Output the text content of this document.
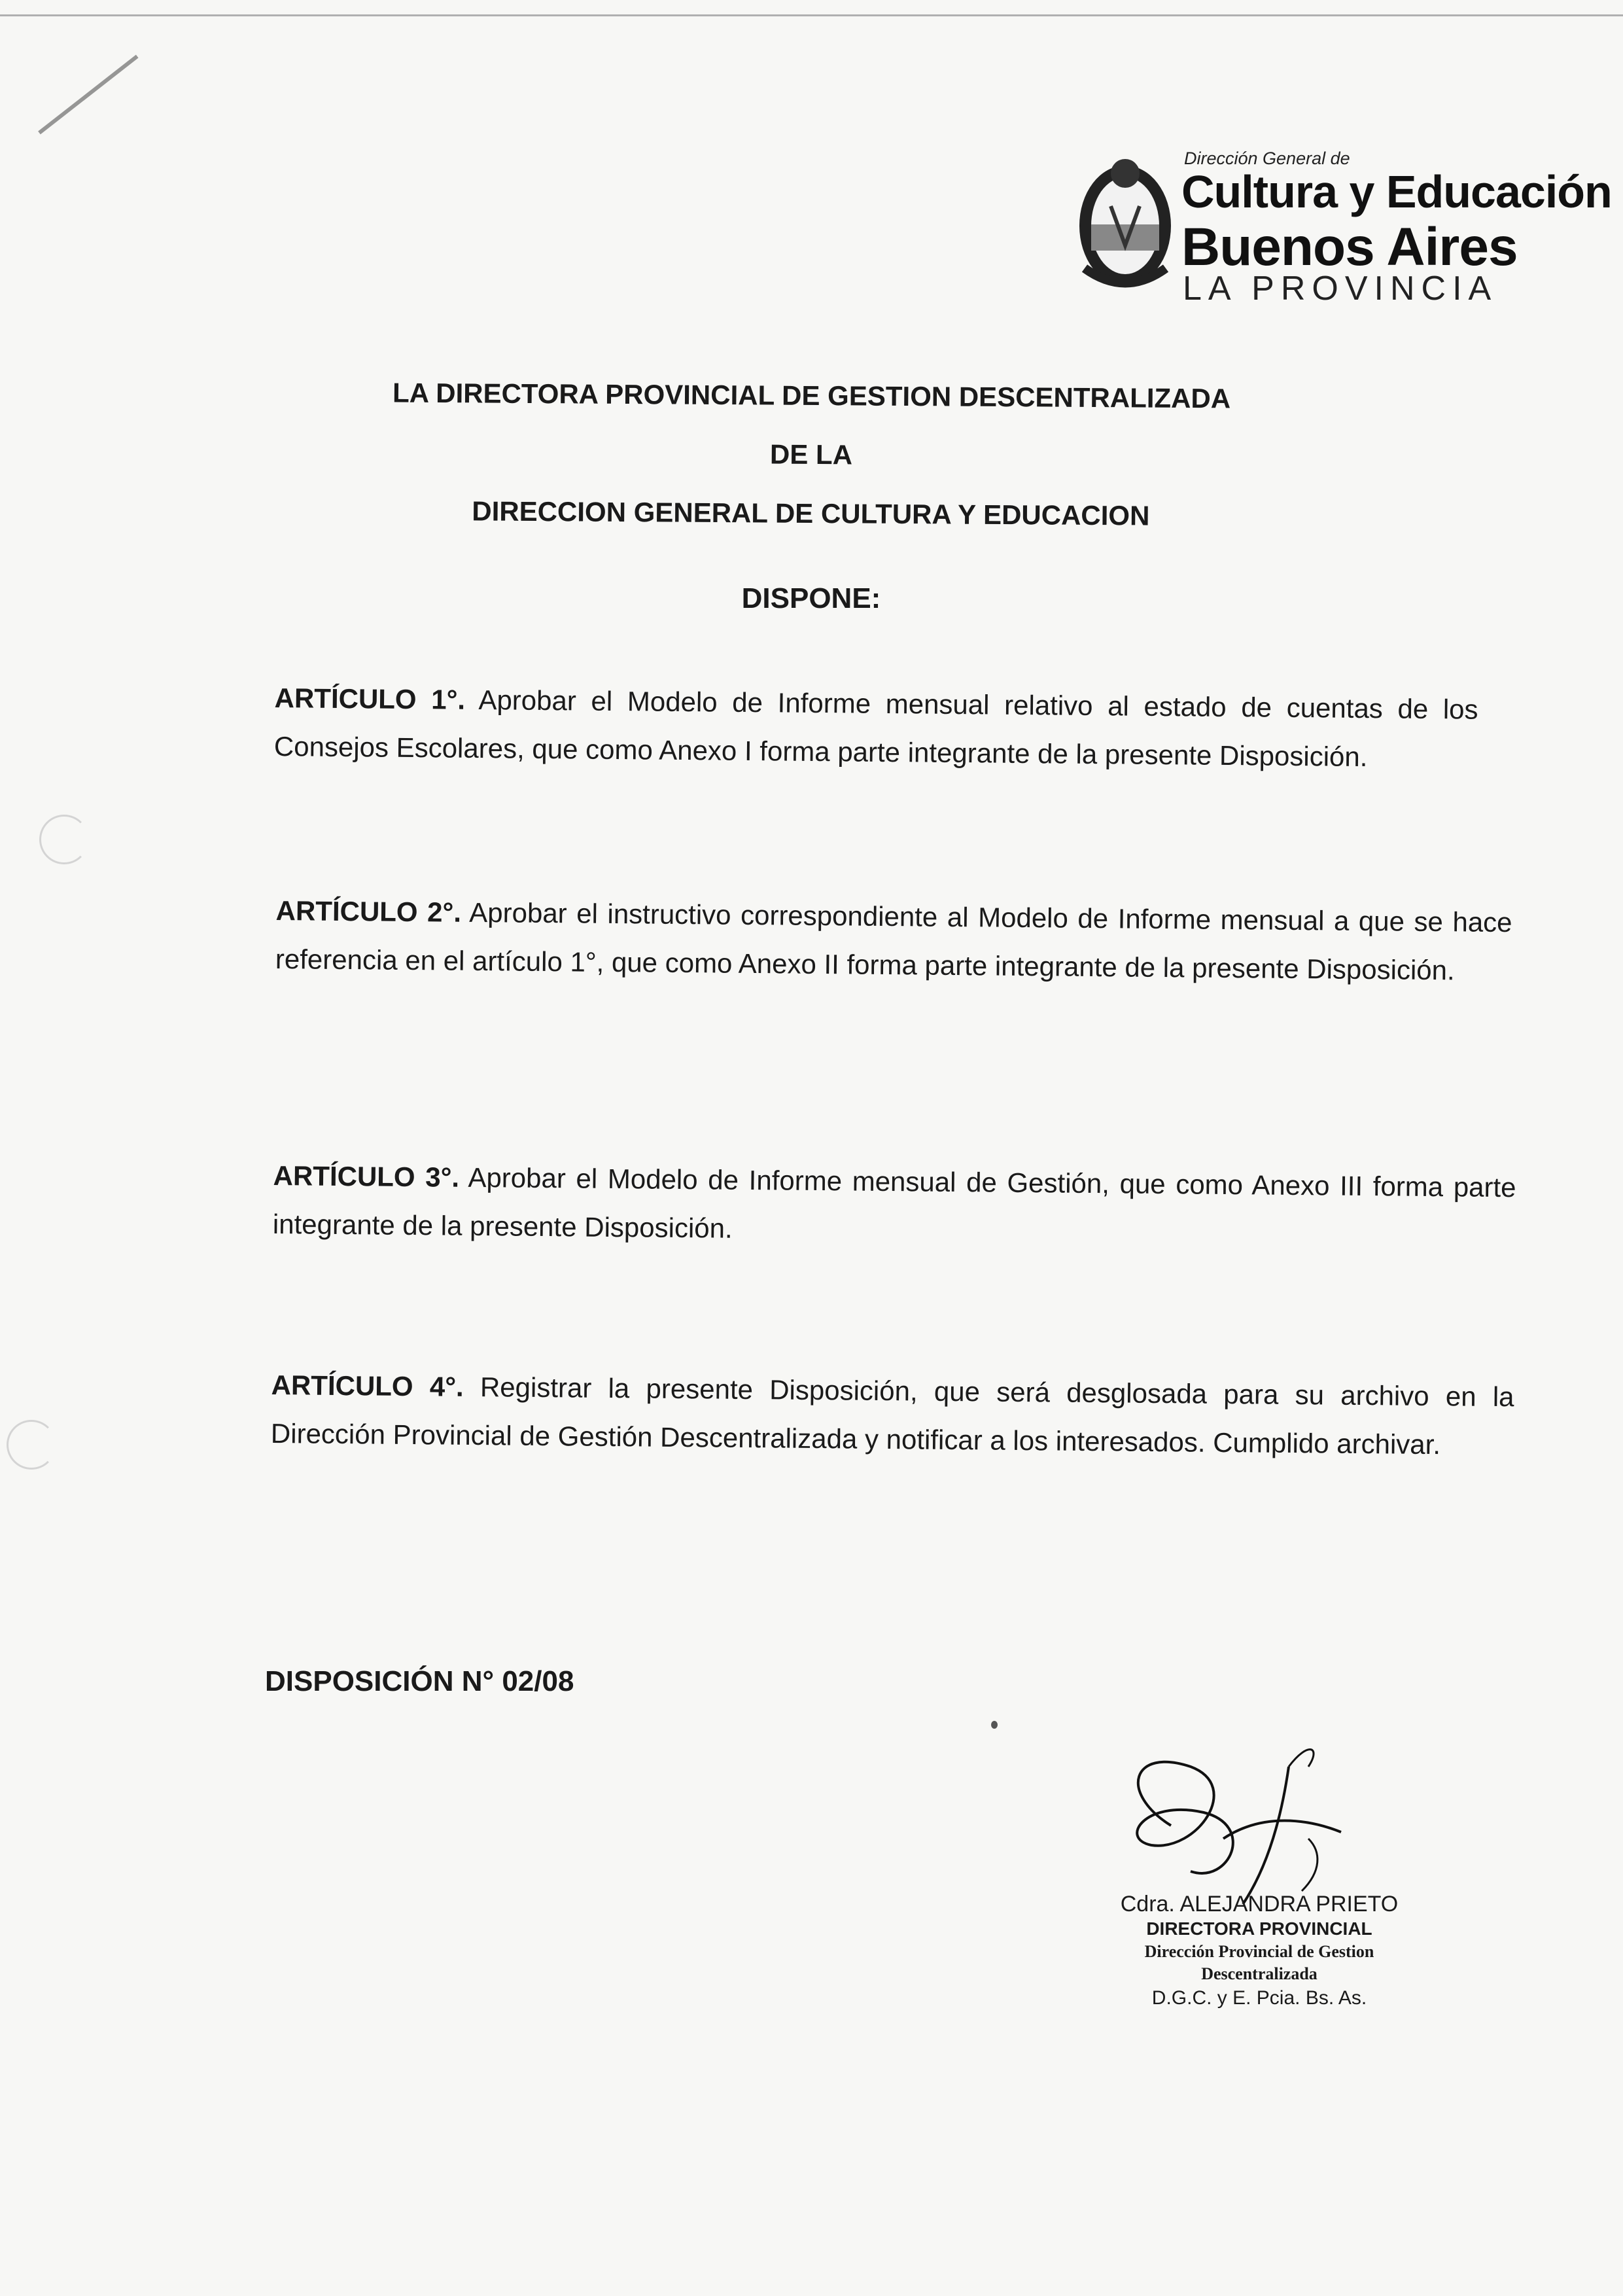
Dirección General de
Cultura y Educación
Buenos Aires
LA PROVINCIA
LA DIRECTORA PROVINCIAL DE GESTION DESCENTRALIZADA
DE LA
DIRECCION GENERAL DE CULTURA Y EDUCACION
DISPONE:
ARTÍCULO 1°. Aprobar el Modelo de Informe mensual relativo al estado de cuentas de los Consejos Escolares, que como Anexo I forma parte integrante de la presente Disposición.
ARTÍCULO 2°. Aprobar el instructivo correspondiente al Modelo de Informe mensual a que se hace referencia en el artículo 1°, que como Anexo II forma parte integrante de la presente Disposición.
ARTÍCULO 3°. Aprobar el Modelo de Informe mensual de Gestión, que como Anexo III forma parte integrante de la presente Disposición.
ARTÍCULO 4°. Registrar la presente Disposición, que será desglosada para su archivo en la Dirección Provincial de Gestión Descentralizada y notificar a los interesados. Cumplido archivar.
DISPOSICIÓN N° 02/08
Cdra. ALEJANDRA PRIETO
DIRECTORA PROVINCIAL
Dirección Provincial de Gestion Descentralizada
D.G.C. y E. Pcia. Bs. As.
